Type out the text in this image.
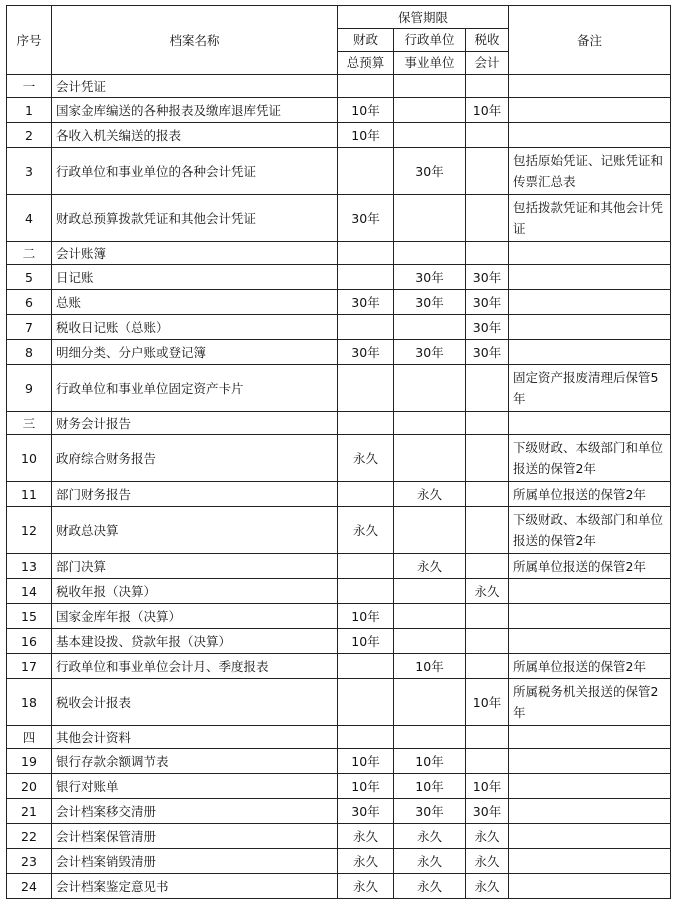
序号	档案名称	保管期限			备注
		财政	行政单位	税收	
		总预算	事业单位	会计	
一	会计凭证				
1	国家金库编送的各种报表及缴库退库凭证	10年		10年	
2	各收入机关编送的报表	10年			
3	行政单位和事业单位的各种会计凭证		30年		包括原始凭证、记账凭证和传票汇总表
4	财政总预算拨款凭证和其他会计凭证	30年			包括拨款凭证和其他会计凭证
二	会计账簿				
5	日记账		30年	30年	
6	总账	30年	30年	30年	
7	税收日记账（总账）			30年	
8	明细分类、分户账或登记簿	30年	30年	30年	
9	行政单位和事业单位固定资产卡片				固定资产报废清理后保管5年
三	财务会计报告				
10	政府综合财务报告	永久			下级财政、本级部门和单位报送的保管2年
11	部门财务报告		永久		所属单位报送的保管2年
12	财政总决算	永久			下级财政、本级部门和单位报送的保管2年
13	部门决算		永久		所属单位报送的保管2年
14	税收年报（决算）			永久	
15	国家金库年报（决算）	10年			
16	基本建设拨、贷款年报（决算）	10年			
17	行政单位和事业单位会计月、季度报表		10年		所属单位报送的保管2年
18	税收会计报表			10年	所属税务机关报送的保管2年
四	其他会计资料				
19	银行存款余额调节表	10年	10年		
20	银行对账单	10年	10年	10年	
21	会计档案移交清册	30年	30年	30年	
22	会计档案保管清册	永久	永久	永久	
23	会计档案销毁清册	永久	永久	永久	
24	会计档案鉴定意见书	永久	永久	永久	
